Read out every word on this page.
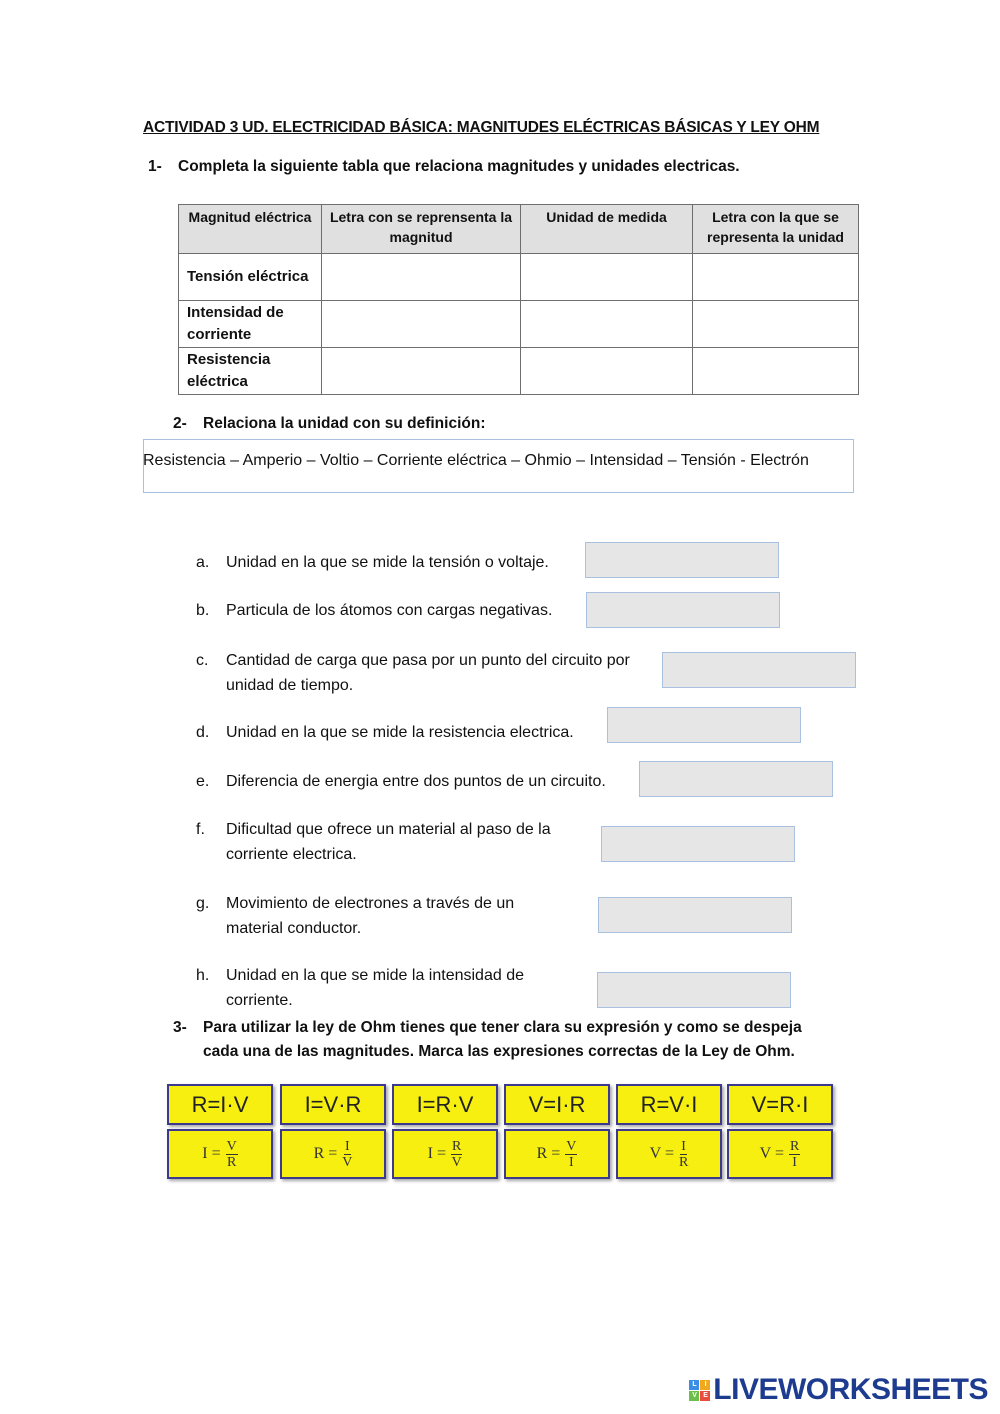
ACTIVIDAD 3 UD. ELECTRICIDAD BÁSICA: MAGNITUDES ELÉCTRICAS BÁSICAS Y LEY OHM
1- Completa la siguiente tabla que relaciona magnitudes y unidades electricas.
Magnitud eléctrica	Letra con se reprensenta la magnitud	Unidad de medida	Letra con la que se representa la unidad
Tensión eléctrica			
Intensidad de corriente			
Resistencia eléctrica			
2- Relaciona la unidad con su definición:
Resistencia – Amperio – Voltio – Corriente eléctrica – Ohmio – Intensidad – Tensión - Electrón
a. Unidad en la que se mide la tensión o voltaje.
b. Particula de los átomos con cargas negativas.
c. Cantidad de carga que pasa por un punto del circuito por
unidad de tiempo.
d. Unidad en la que se mide la resistencia electrica.
e. Diferencia de energia entre dos puntos de un circuito.
f. Dificultad que ofrece un material al paso de la
corriente electrica.
g. Movimiento de electrones a través de un
material conductor.
h. Unidad en la que se mide la intensidad de
corriente.
3- Para utilizar la ley de Ohm tienes que tener clara su expresión y como se despeja
cada una de las magnitudes. Marca las expresiones correctas de la Ley de Ohm.
R=I·V	I=V·R	I=R·V	V=I·R	R=V·I	V=R·I
$I = \frac{V}{R}$	$R = \frac{I}{V}$	$I = \frac{R}{V}$	$R = \frac{V}{I}$	$V = \frac{I}{R}$	$V = \frac{R}{I}$
L	I
V E LIVEWORKSHEETS
